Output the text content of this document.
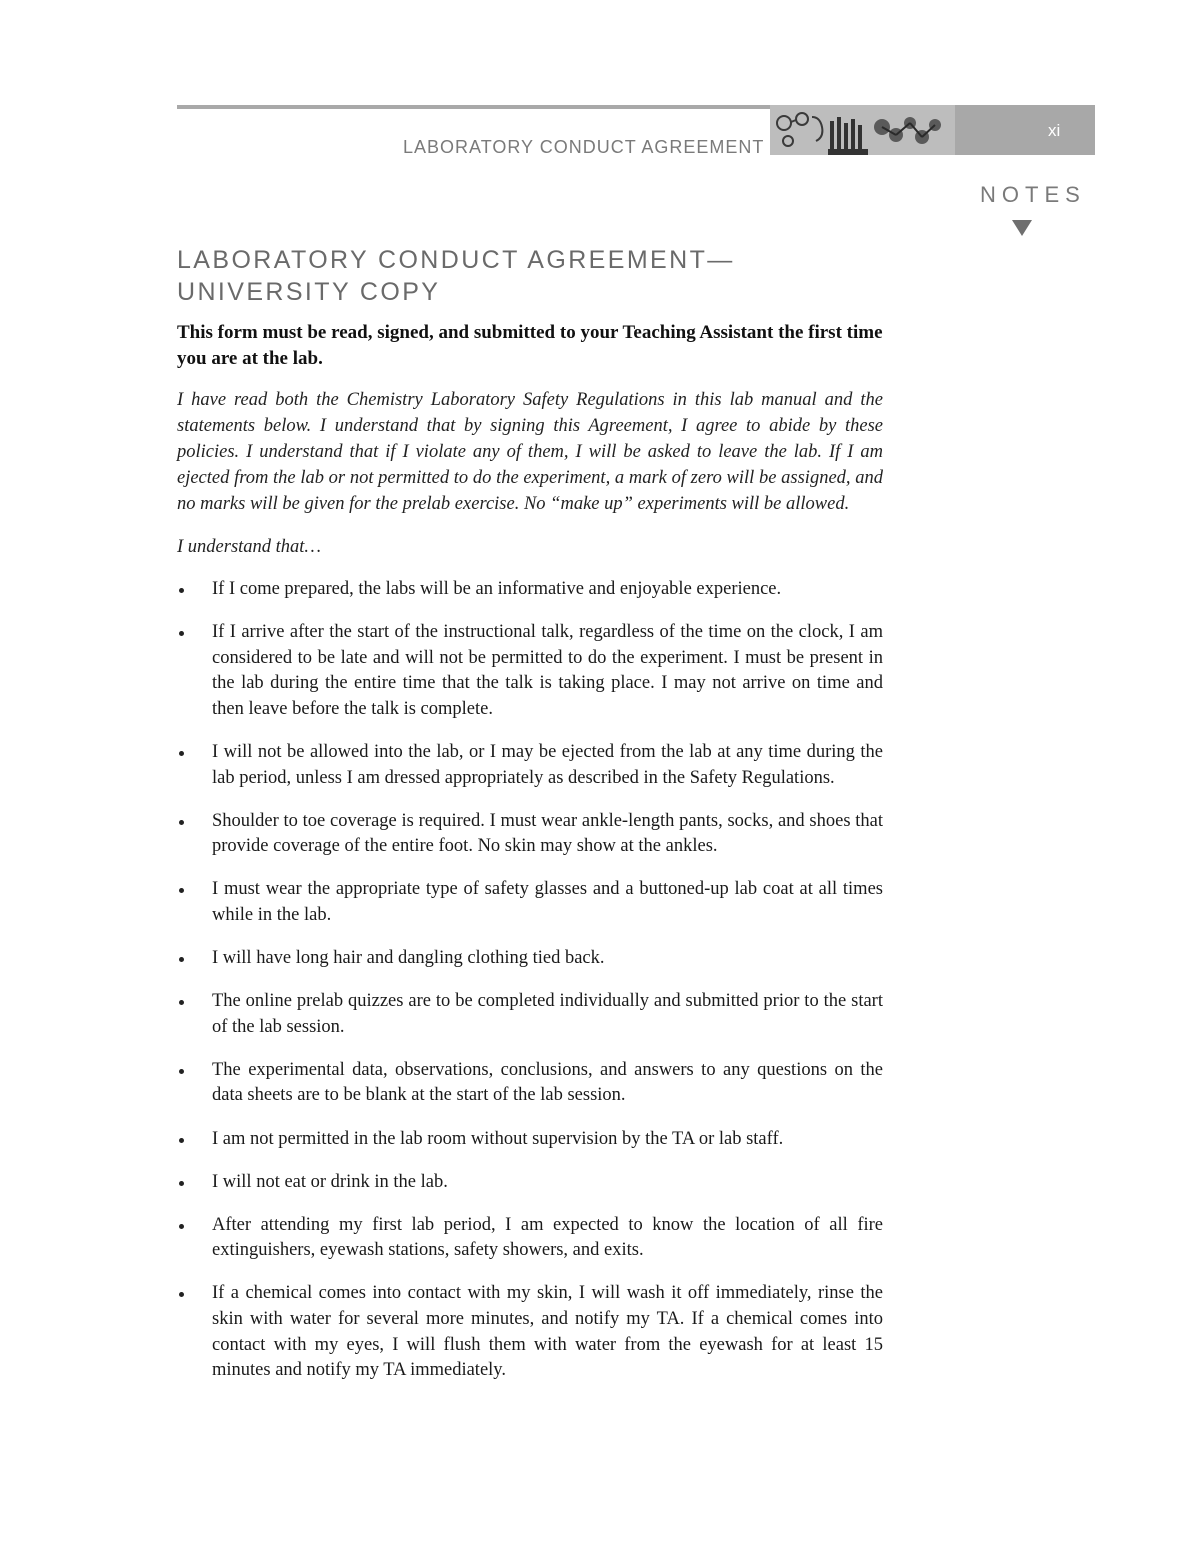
LABORATORY CONDUCT AGREEMENT
xi
NOTES
LABORATORY CONDUCT AGREEMENT—UNIVERSITY COPY

This form must be read, signed, and submitted to your Teaching Assistant the first time you are at the lab.

I have read both the Chemistry Laboratory Safety Regulations in this lab manual and the statements below. I understand that by signing this Agreement, I agree to abide by these policies. I understand that if I violate any of them, I will be asked to leave the lab. If I am ejected from the lab or not permitted to do the experiment, a mark of zero will be assigned, and no marks will be given for the prelab exercise. No “make up” experiments will be allowed.

I understand that…

If I come prepared, the labs will be an informative and enjoyable experience.
If I arrive after the start of the instructional talk, regardless of the time on the clock, I am considered to be late and will not be permitted to do the experiment. I must be present in the lab during the entire time that the talk is taking place. I may not arrive on time and then leave before the talk is complete.
I will not be allowed into the lab, or I may be ejected from the lab at any time during the lab period, unless I am dressed appropriately as described in the Safety Regulations.
Shoulder to toe coverage is required. I must wear ankle-length pants, socks, and shoes that provide coverage of the entire foot. No skin may show at the ankles.
I must wear the appropriate type of safety glasses and a buttoned-up lab coat at all times while in the lab.
I will have long hair and dangling clothing tied back.
The online prelab quizzes are to be completed individually and submitted prior to the start of the lab session.
The experimental data, observations, conclusions, and answers to any questions on the data sheets are to be blank at the start of the lab session.
I am not permitted in the lab room without supervision by the TA or lab staff.
I will not eat or drink in the lab.
After attending my first lab period, I am expected to know the location of all fire extinguishers, eyewash stations, safety showers, and exits.
If a chemical comes into contact with my skin, I will wash it off immediately, rinse the skin with water for several more minutes, and notify my TA. If a chemical comes into contact with my eyes, I will flush them with water from the eyewash for at least 15 minutes and notify my TA immediately.
